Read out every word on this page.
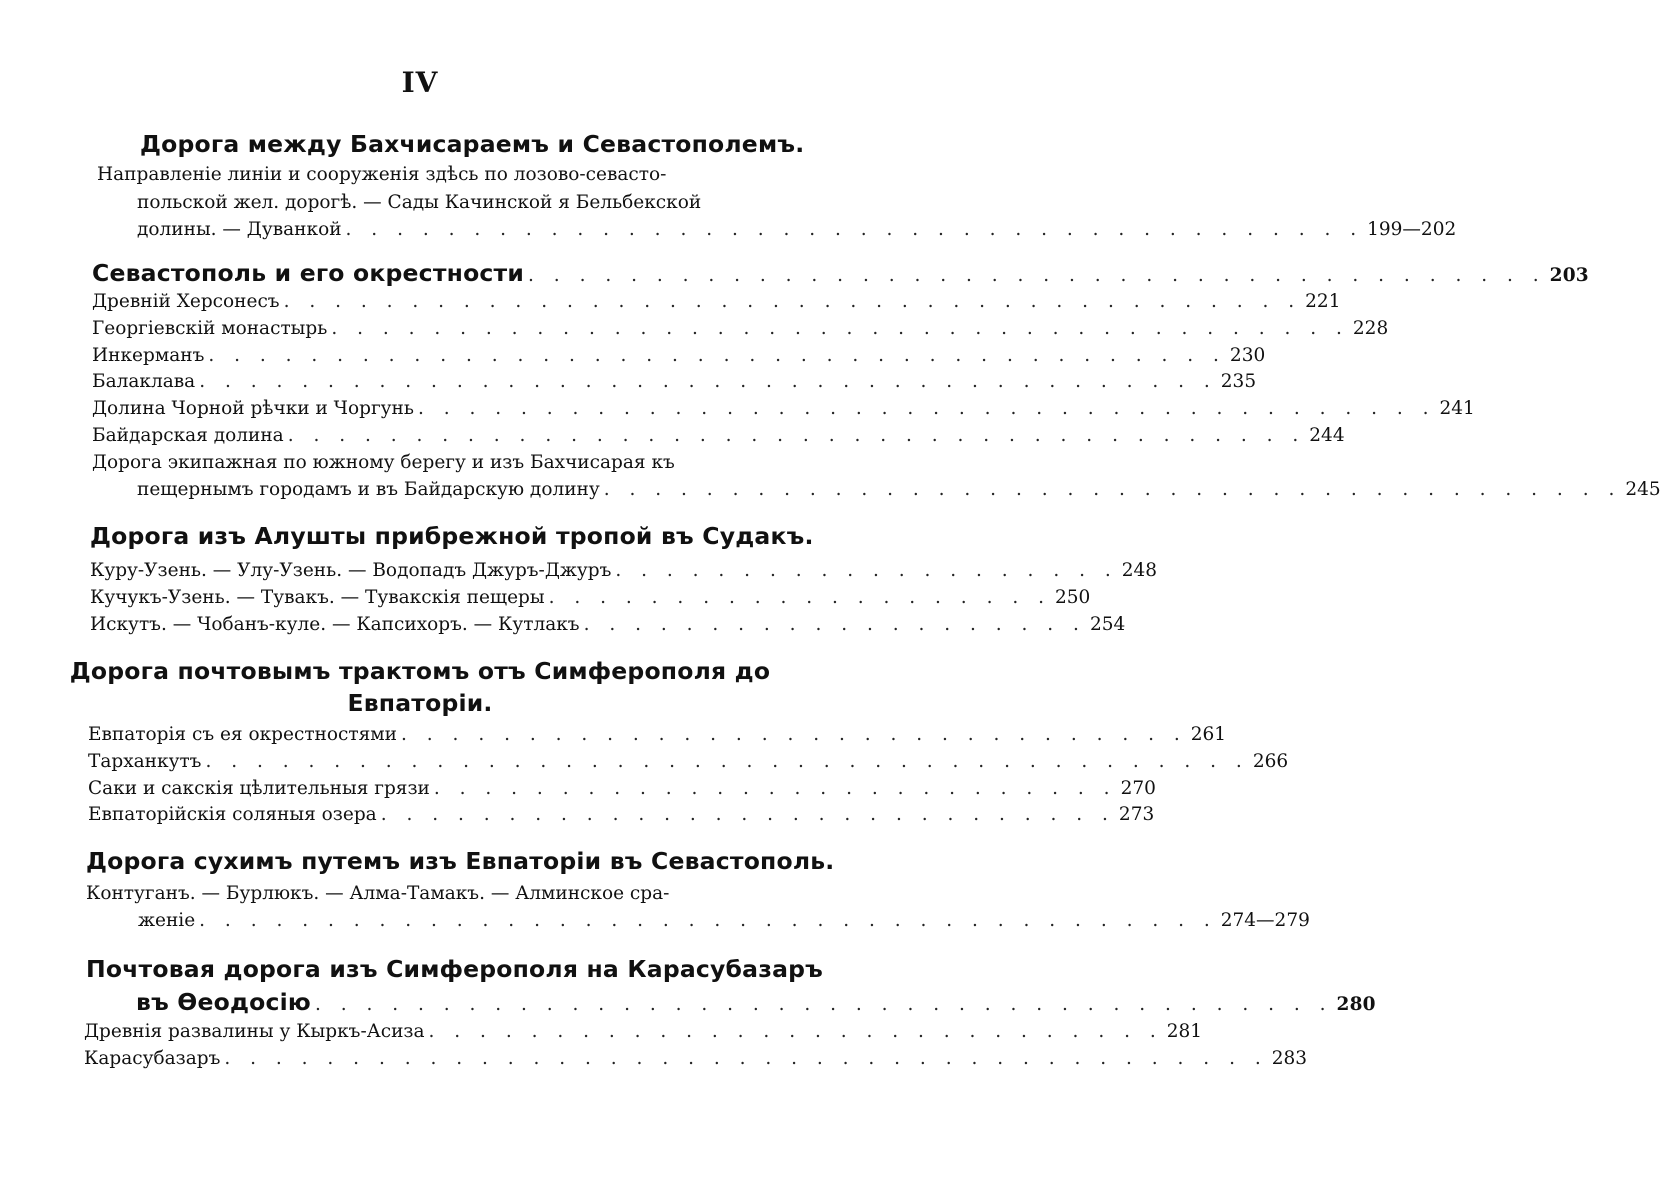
IV
Дорога между Бахчисараемъ и Севастополемъ.
Направленіе линіи и сооруженія здѣсь по лозово-севасто-
польской жел. дорогѣ. — Сады Качинской я Бельбекской
долины. — Дуванкой . . . . . . . . . . . . . . . . . . . . . . . . . . . . . . . . . . . . . . . . 199—202
Севастополь и его окрестности . . . . . . . . . . . . . . . . . . . . . . . . . . . . . . . . . . . . . . . . 203
Древній Херсонесъ . . . . . . . . . . . . . . . . . . . . . . . . . . . . . . . . . . . . . . . . 221
Георгіевскій монастырь . . . . . . . . . . . . . . . . . . . . . . . . . . . . . . . . . . . . . . . . 228
Инкерманъ . . . . . . . . . . . . . . . . . . . . . . . . . . . . . . . . . . . . . . . . 230
Балаклава . . . . . . . . . . . . . . . . . . . . . . . . . . . . . . . . . . . . . . . . 235
Долина Чорной рѣчки и Чоргунь . . . . . . . . . . . . . . . . . . . . . . . . . . . . . . . . . . . . . . . . 241
Байдарская долина . . . . . . . . . . . . . . . . . . . . . . . . . . . . . . . . . . . . . . . . 244
Дорога экипажная по южному берегу и изъ Бахчисарая къ
пещернымъ городамъ и въ Байдарскую долину . . . . . . . . . . . . . . . . . . . . . . . . . . . . . . . . . . . . . . . . 245
Дорога изъ Алушты прибрежной тропой въ Судакъ.
Куру-Узень. — Улу-Узень. — Водопадъ Джуръ-Джуръ . . . . . . . . . . . . . . . . . . . . 248
Кучукъ-Узень. — Тувакъ. — Тувакскія пещеры . . . . . . . . . . . . . . . . . . . . 250
Искутъ. — Чобанъ-куле. — Капсихоръ. — Кутлакъ . . . . . . . . . . . . . . . . . . . . 254
Дорога почтовымъ трактомъ отъ Симферополя до
Евпаторіи.
Евпаторія съ ея окрестностями . . . . . . . . . . . . . . . . . . . . . . . . . . . . . . . 261
Тарханкутъ . . . . . . . . . . . . . . . . . . . . . . . . . . . . . . . . . . . . . . . . . 266
Саки и сакскія цѣлительныя грязи . . . . . . . . . . . . . . . . . . . . . . . . . . . 270
Евпаторійскія соляныя озера . . . . . . . . . . . . . . . . . . . . . . . . . . . . . 273
Дорога сухимъ путемъ изъ Евпаторіи въ Севастополь.
Контуганъ. — Бурлюкъ. — Алма-Тамакъ. — Алминское сра-
женіе . . . . . . . . . . . . . . . . . . . . . . . . . . . . . . . . . . . . . . . . 274—279
Почтовая дорога изъ Симферополя на Карасубазаръ
въ Өеодосію . . . . . . . . . . . . . . . . . . . . . . . . . . . . . . . . . . . . . . . . 280
Древнія развалины у Кыркъ-Асиза . . . . . . . . . . . . . . . . . . . . . . . . . . . . . 281
Карасубазаръ . . . . . . . . . . . . . . . . . . . . . . . . . . . . . . . . . . . . . . . . . 283
